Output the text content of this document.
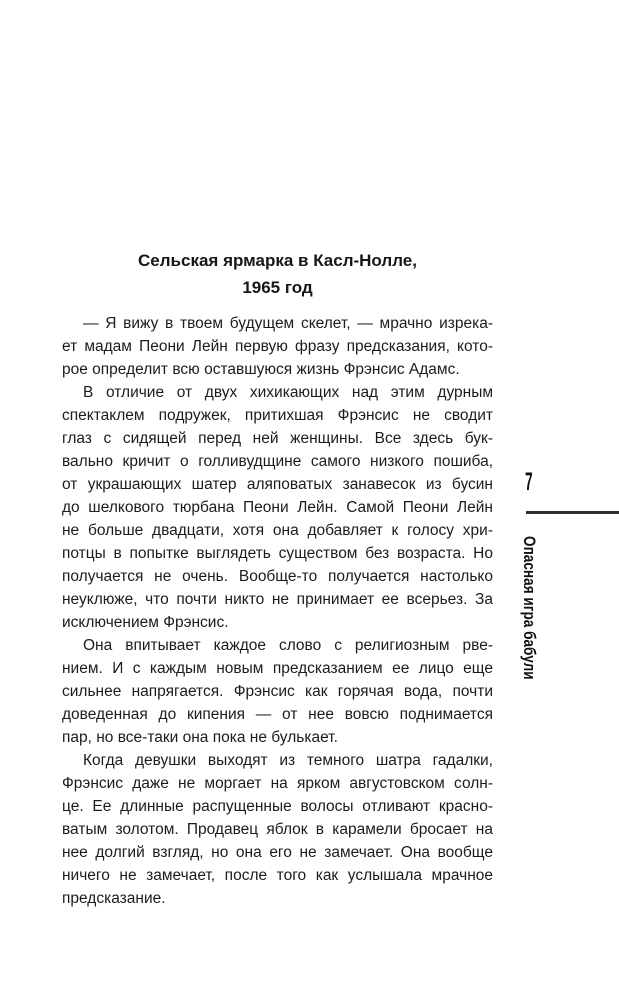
Сельская ярмарка в Касл-Нолле,
1965 год
— Я вижу в твоем будущем скелет, — мрачно изрека-
ет мадам Пеони Лейн первую фразу предсказания, кото-
рое определит всю оставшуюся жизнь Фрэнсис Адамс.
В отличие от двух хихикающих над этим дурным
спектаклем подружек, притихшая Фрэнсис не сводит
глаз с сидящей перед ней женщины. Все здесь бук-
вально кричит о голливудщине самого низкого пошиба,
от украшающих шатер аляповатых занавесок из бусин
до шелкового тюрбана Пеони Лейн. Самой Пеони Лейн
не больше двадцати, хотя она добавляет к голосу хри-
потцы в попытке выглядеть существом без возраста. Но
получается не очень. Вообще-то получается настолько
неуклюже, что почти никто не принимает ее всерьез. За
исключением Фрэнсис.
Она впитывает каждое слово с религиозным рве-
нием. И с каждым новым предсказанием ее лицо еще
сильнее напрягается. Фрэнсис как горячая вода, почти
доведенная до кипения — от нее вовсю поднимается
пар, но все-таки она пока не булькает.
Когда девушки выходят из темного шатра гадалки,
Фрэнсис даже не моргает на ярком августовском солн-
це. Ее длинные распущенные волосы отливают красно-
ватым золотом. Продавец яблок в карамели бросает на
нее долгий взгляд, но она его не замечает. Она вообще
ничего не замечает, после того как услышала мрачное
предсказание.
7
Опасная игра бабули
